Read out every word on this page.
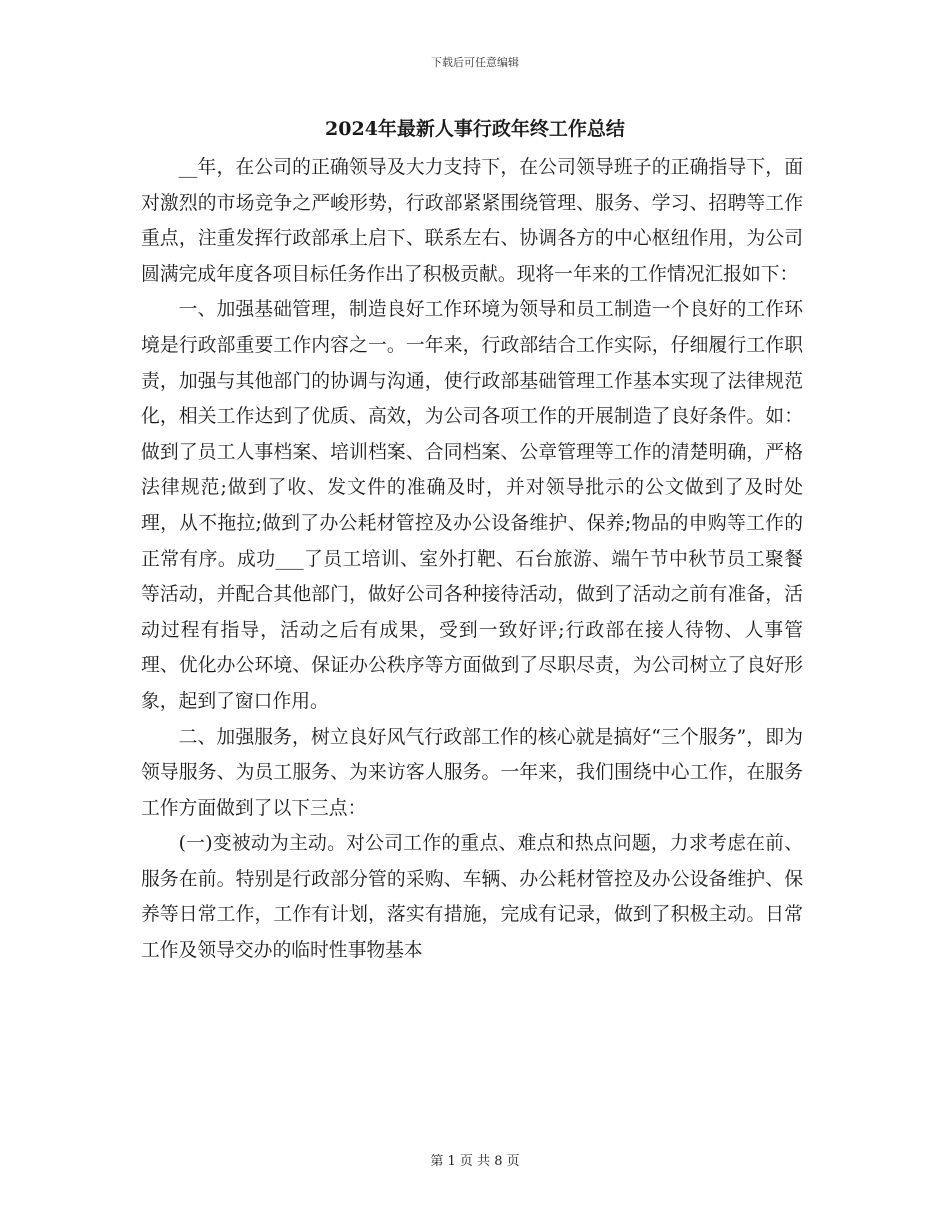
下载后可任意编辑
2024年最新人事行政年终工作总结

__年，在公司的正确领导及大力支持下，在公司领导班子的正确指导下，面对激烈的市场竞争之严峻形势，行政部紧紧围绕管理、服务、学习、招聘等工作重点，注重发挥行政部承上启下、联系左右、协调各方的中心枢纽作用，为公司圆满完成年度各项目标任务作出了积极贡献。现将一年来的工作情况汇报如下：

一、加强基础管理，制造良好工作环境为领导和员工制造一个良好的工作环境是行政部重要工作内容之一。一年来，行政部结合工作实际，仔细履行工作职责，加强与其他部门的协调与沟通，使行政部基础管理工作基本实现了法律规范化，相关工作达到了优质、高效，为公司各项工作的开展制造了良好条件。如：做到了员工人事档案、培训档案、合同档案、公章管理等工作的清楚明确，严格法律规范;做到了收、发文件的准确及时，并对领导批示的公文做到了及时处理，从不拖拉;做到了办公耗材管控及办公设备维护、保养;物品的申购等工作的正常有序。成功___了员工培训、室外打靶、石台旅游、端午节中秋节员工聚餐等活动，并配合其他部门，做好公司各种接待活动，做到了活动之前有准备，活动过程有指导，活动之后有成果，受到一致好评;行政部在接人待物、人事管理、优化办公环境、保证办公秩序等方面做到了尽职尽责，为公司树立了良好形象，起到了窗口作用。

二、加强服务，树立良好风气行政部工作的核心就是搞好“三个服务”，即为领导服务、为员工服务、为来访客人服务。一年来，我们围绕中心工作，在服务工作方面做到了以下三点：

(一)变被动为主动。对公司工作的重点、难点和热点问题，力求考虑在前、服务在前。特别是行政部分管的采购、车辆、办公耗材管控及办公设备维护、保养等日常工作，工作有计划，落实有措施，完成有记录，做到了积极主动。日常工作及领导交办的临时性事物基本

第 1 页 共 8 页
